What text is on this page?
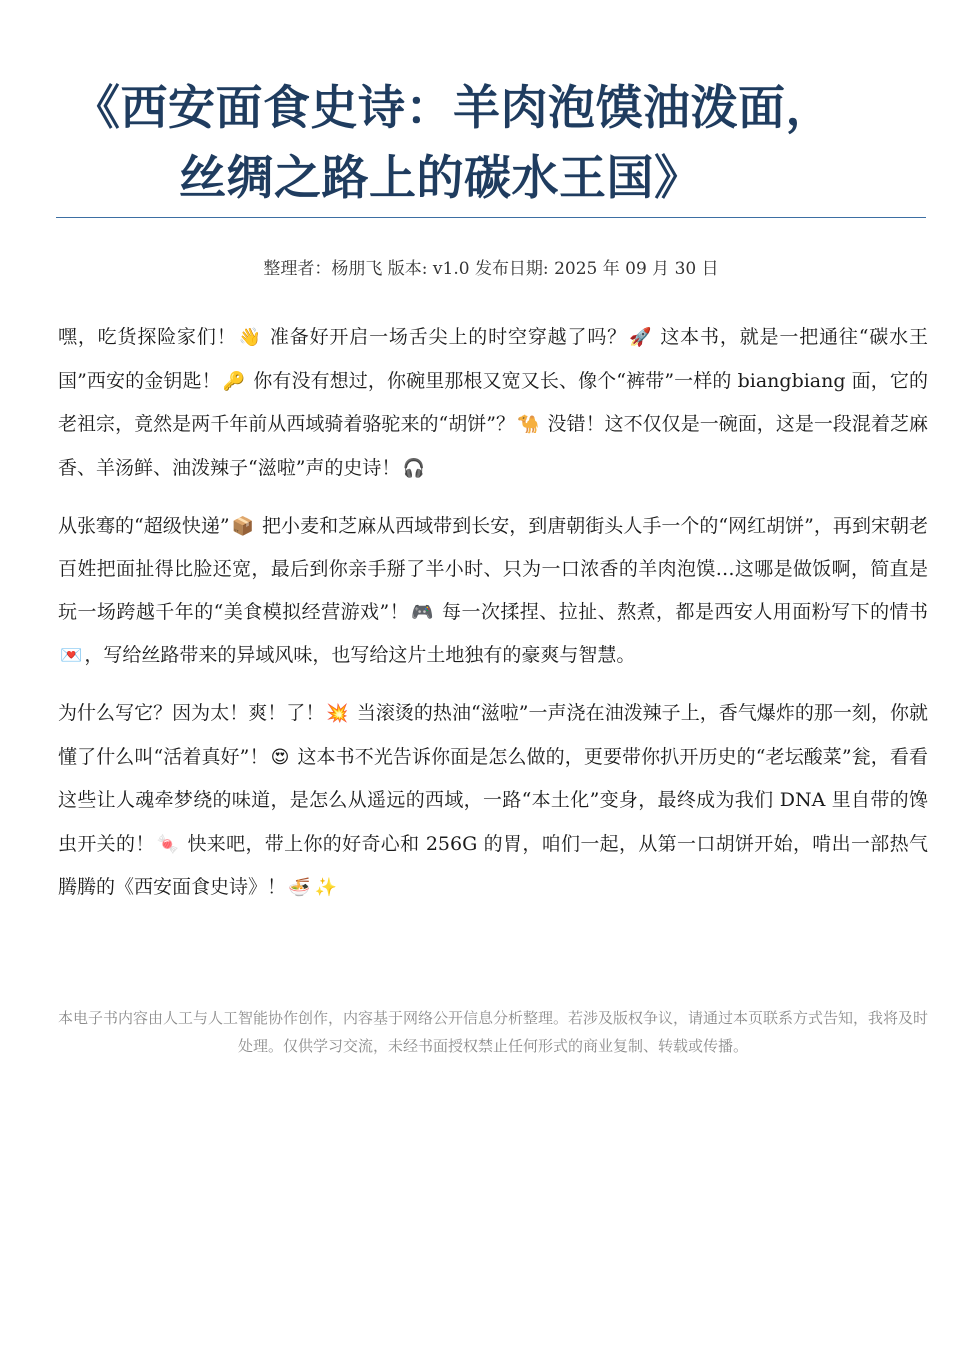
《西安面食史诗：羊肉泡馍油泼面，
丝绸之路上的碳水王国》
整理者：杨朋飞 版本: v1.0 发布日期: 2025 年 09 月 30 日

嘿，吃货探险家们！ 👋 准备好开启一场舌尖上的时空穿越了吗？ 🚀 这本书，就是一把通往“碳水王国”西安的金钥匙！ 🔑 你有没有想过，你碗里那根又宽又长、像个“裤带”一样的 biangbiang 面，它的老祖宗，竟然是两千年前从西域骑着骆驼来的“胡饼”？ 🐪 没错！这不仅仅是一碗面，这是一段混着芝麻香、羊汤鲜、油泼辣子“滋啦”声的史诗！ 🎧

从张骞的“超级快递” 📦 把小麦和芝麻从西域带到长安，到唐朝街头人手一个的“网红胡饼”，再到宋朝老百姓把面扯得比脸还宽，最后到你亲手掰了半小时、只为一口浓香的羊肉泡馍…这哪是做饭啊，简直是玩一场跨越千年的“美食模拟经营游戏”！ 🎮 每一次揉捏、拉扯、熬煮，都是西安人用面粉写下的情书💌 ，写给丝路带来的异域风味，也写给这片土地独有的豪爽与智慧。

为什么写它？因为太！爽！了！ 💥 当滚烫的热油“滋啦”一声浇在油泼辣子上，香气爆炸的那一刻，你就懂了什么叫“活着真好”！ 😍 这本书不光告诉你面是怎么做的，更要带你扒开历史的“老坛酸菜”瓮，看看这些让人魂牵梦绕的味道，是怎么从遥远的西域，一路“本土化”变身，最终成为我们 DNA 里自带的馋虫开关的！ 🍬 快来吧，带上你的好奇心和 256G 的胃，咱们一起，从第一口胡饼开始，啃出一部热气腾腾的《西安面食史诗》！ 🍜 ✨

本电子书内容由人工与人工智能协作创作，内容基于网络公开信息分析整理。若涉及版权争议，请通过本页联系方式告知，我将及时处理。仅供学习交流，未经书面授权禁止任何形式的商业复制、转载或传播。
